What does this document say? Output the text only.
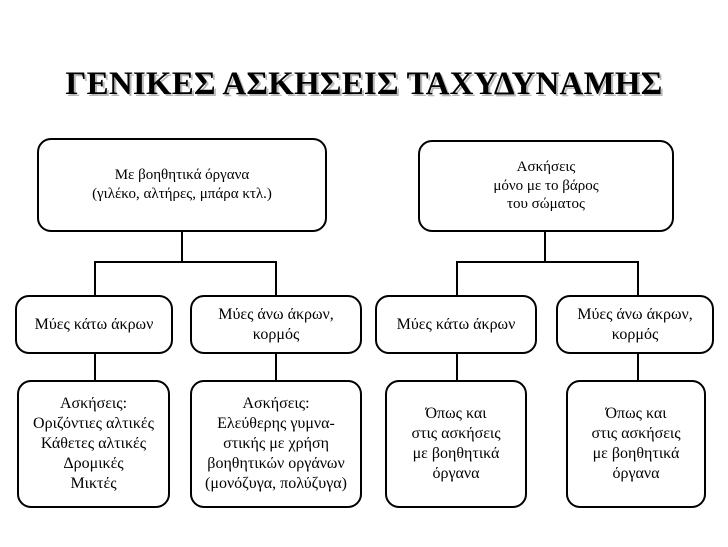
ΓΕΝΙΚΕΣ ΑΣΚΗΣΕΙΣ ΤΑΧΥΔΥΝΑΜΗΣ
Με βοηθητικά όργανα
(γιλέκο, αλτήρες, μπάρα κτλ.)
Ασκήσεις
μόνο με το βάρος
του σώματος
Μύες κάτω άκρων
Μύες άνω άκρων,
κορμός
Μύες κάτω άκρων
Μύες άνω άκρων,
κορμός
Ασκήσεις:
Οριζόντιες αλτικές
Κάθετες αλτικές
Δρομικές
Μικτές
Ασκήσεις:
Ελεύθερης γυμνα-
στικής με χρήση
βοηθητικών οργάνων
(μονόζυγα, πολύζυγα)
Όπως και
στις ασκήσεις
με βοηθητικά
όργανα
Όπως και
στις ασκήσεις
με βοηθητικά
όργανα
